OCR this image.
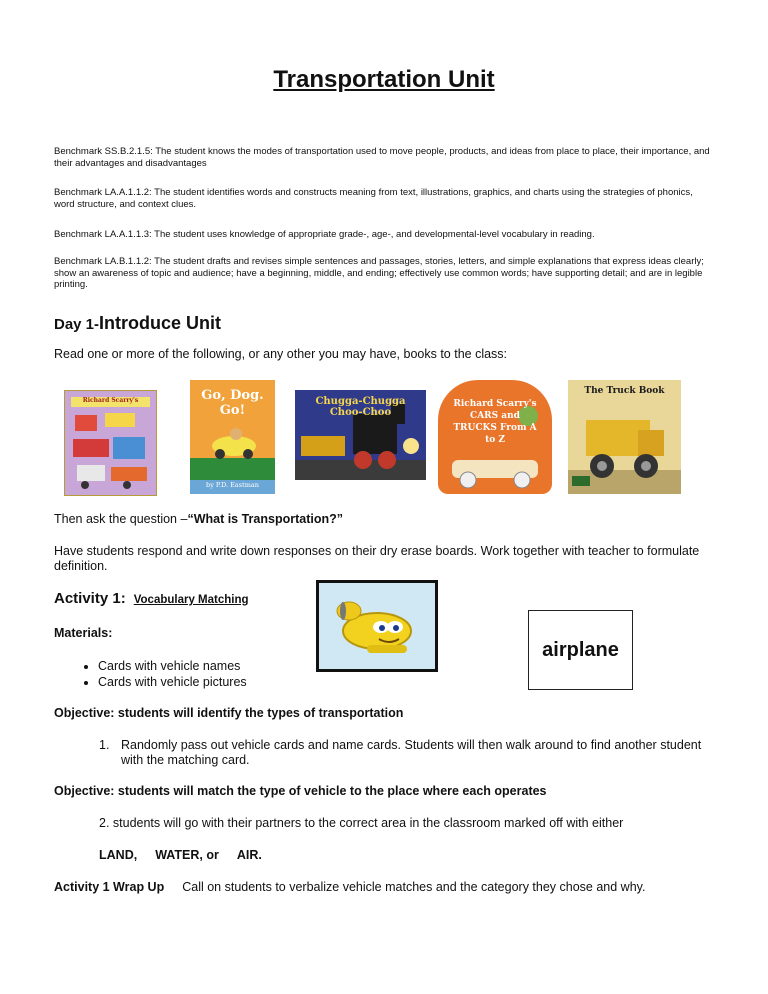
Transportation Unit

Benchmark SS.B.2.1.5: The student knows the modes of transportation used to move people, products, and ideas from place to place, their importance, and their advantages and disadvantages

Benchmark LA.A.1.1.2: The student identifies words and constructs meaning from text, illustrations, graphics, and charts using the strategies of phonics, word structure, and context clues.

Benchmark LA.A.1.1.3: The student uses knowledge of appropriate grade-, age-, and developmental-level vocabulary in reading.

Benchmark LA.B.1.1.2: The student drafts and revises simple sentences and passages, stories, letters, and simple explanations that express ideas clearly; show an awareness of topic and audience; have a beginning, middle, and ending; effectively use common words; have supporting detail; and are in legible printing.

Day 1-Introduce Unit

Read one or more of the following, or any other you may have, books to the class:

Richard Scarry's	Go, Dog. Go!
by P.D. Eastman
Chugga-Chugga Choo-Choo
Richard Scarry's CARS and TRUCKS From A to Z
The Truck Book

Then ask the question –“What is Transportation?”

Have students respond and write down responses on their dry erase boards. Work together with teacher to formulate definition.

Activity 1: Vocabulary Matching
airplane

Materials:

• Cards with vehicle names
• Cards with vehicle pictures

Objective: students will identify the types of transportation

1. Randomly pass out vehicle cards and name cards. Students will then walk around to find another student with the matching card.

Objective: students will match the type of vehicle to the place where each operates

2. students will go with their partners to the correct area in the classroom marked off with either

LAND, WATER, or AIR.

Activity 1 Wrap Up Call on students to verbalize vehicle matches and the category they chose and why.
